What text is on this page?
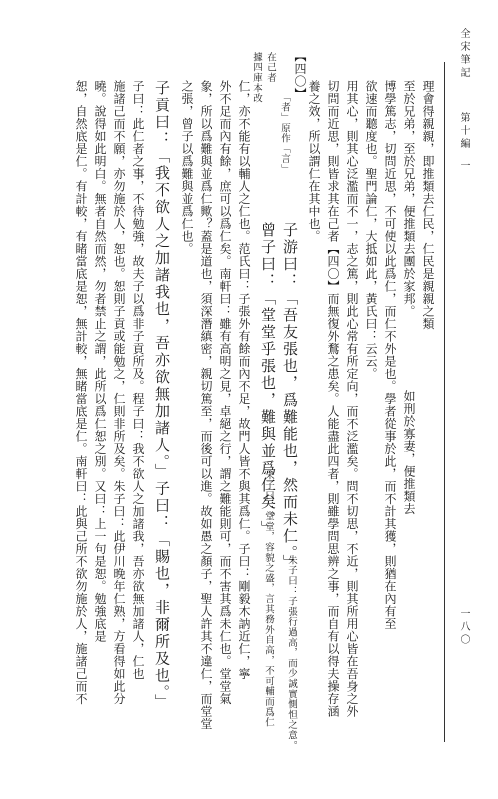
全宋筆記
第十編
一
一八〇
理會得親親，即推類去仁民，仁民是親親之類
至於兄弟，至於兄弟，便推類去團於家邦。
如刑於寡妻，便推類去
博學篤志，切問近思，不可使以此爲仁，而仁不外是也。學者從事於此，而不計其獲，則猶在內有至
欲速而聽度也。聖門論仁，大抵如此，黃氏曰：云云。
用其心，則其心泛濫而不一，志之篤，則此心常有所定向，而不泛濫矣。問不切思，不近，則其所用心皆在吾身之外
切問而近思，則皆求其在己者【四〇】而無復外鶩之患矣。人能盡此四者，則雖學問思辨之事，而自有以得夫操存涵
養之效，所以謂仁在其中也。
子游曰：「吾友張也，爲難能也，然而未仁。」
朱子曰：子張行過高，而少誠實惻怛之意。
曾子曰：「堂堂乎張也，難與並爲仁矣。」
朱子曰：堂堂，容貌之盛，言其務外自高，不可輔而爲仁
仁，亦不能有以輔人之仁也。范氏曰：子張外有餘而內不足，故門人皆不與其爲仁。子曰：剛毅木訥近仁，寧
外不足而內有餘，庶可以爲仁矣。南軒曰：雖有高明之見，卓絕之行，謂之難能則可，而不害其爲未仁也。堂堂氣
象，所以爲難與並爲仁歟？蓋是道也，須深潛縝密，親切篤至，而後可以進。故如愚之顏子，聖人許其不違仁，而堂堂
之張，曾子以爲難與並爲仁也。
子貢曰：「我不欲人之加諸我也，吾亦欲無加諸人。」子曰：「賜也，非爾所及也。」
子曰：此仁者之事，不待勉強，故夫子以爲非子貢所及。程子曰：我不欲人之加諸我，吾亦欲無加諸人，仁也
施諸己而不願，亦勿施於人，恕也。恕則子貢或能勉之，仁則非所及矣。朱子曰：此伊川晚年仁熟，方看得如此分
曉。說得如此明白。無者自然而然，勿者禁止之謂，此所以爲仁恕之別。又曰：上一句是恕。勉強底是
恕，自然底是仁。有計較，有睹當底是恕，無計較，無睹當底是仁。南軒曰：此與己所不欲勿施於人，施諸己而不
【四〇】
在己者
「者」原作「言」
據四庫本改
